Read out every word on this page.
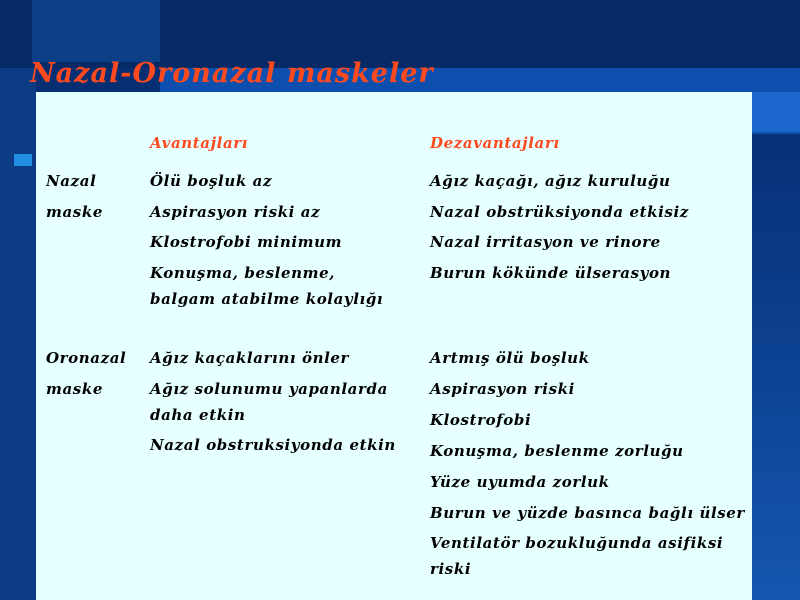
Avantajları	Dezavantajları

Nazal

maske

Ölü boşluk az

Aspirasyon riski az

Klostrofobi minimum

Konuşma, beslenme, balgam atabilme kolaylığı

Ağız kaçağı, ağız kuruluğu

Nazal obstrüksiyonda etkisiz

Nazal irritasyon ve rinore

Burun kökünde ülserasyon

Oronazal

maske

Ağız kaçaklarını önler

Ağız solunumu yapanlarda daha etkin

Nazal obstruksiyonda etkin

Artmış ölü boşluk

Aspirasyon riski

Klostrofobi

Konuşma, beslenme zorluğu

Yüze uyumda zorluk

Burun ve yüzde basınca bağlı ülser

Ventilatör bozukluğunda asifiksi riski

Nazal-Oronazal maskeler
